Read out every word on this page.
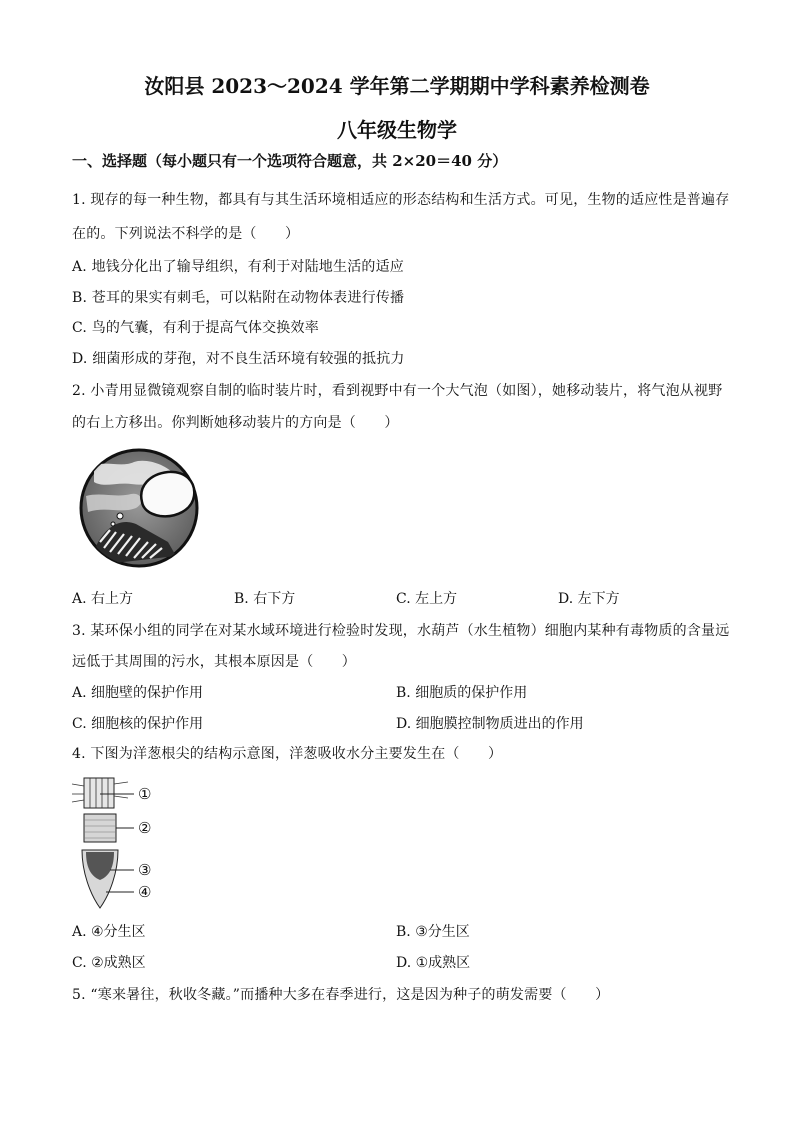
汝阳县 2023～2024 学年第二学期期中学科素养检测卷
八年级生物学
一、选择题（每小题只有一个选项符合题意，共 2×20＝40 分）
1. 现存的每一种生物，都具有与其生活环境相适应的形态结构和生活方式。可见，生物的适应性是普遍存
在的。下列说法不科学的是（　　）
A. 地钱分化出了输导组织，有利于对陆地生活的适应
B. 苍耳的果实有刺毛，可以粘附在动物体表进行传播
C. 鸟的气囊，有利于提高气体交换效率
D. 细菌形成的芽孢，对不良生活环境有较强的抵抗力
2. 小青用显微镜观察自制的临时装片时，看到视野中有一个大气泡（如图），她移动装片，将气泡从视野
的右上方移出。你判断她移动装片的方向是（　　）
A. 右上方	B. 右下方	C. 左上方	D. 左下方
3. 某环保小组的同学在对某水域环境进行检验时发现，水葫芦（水生植物）细胞内某种有毒物质的含量远
远低于其周围的污水，其根本原因是（　　）
A. 细胞壁的保护作用	B. 细胞质的保护作用
C. 细胞核的保护作用	D. 细胞膜控制物质进出的作用
4. 下图为洋葱根尖的结构示意图，洋葱吸收水分主要发生在（　　）
①
②
③
④
A. ④分生区	B. ③分生区
C. ②成熟区	D. ①成熟区
5. “寒来暑往，秋收冬藏。”而播种大多在春季进行，这是因为种子的萌发需要（　　）
